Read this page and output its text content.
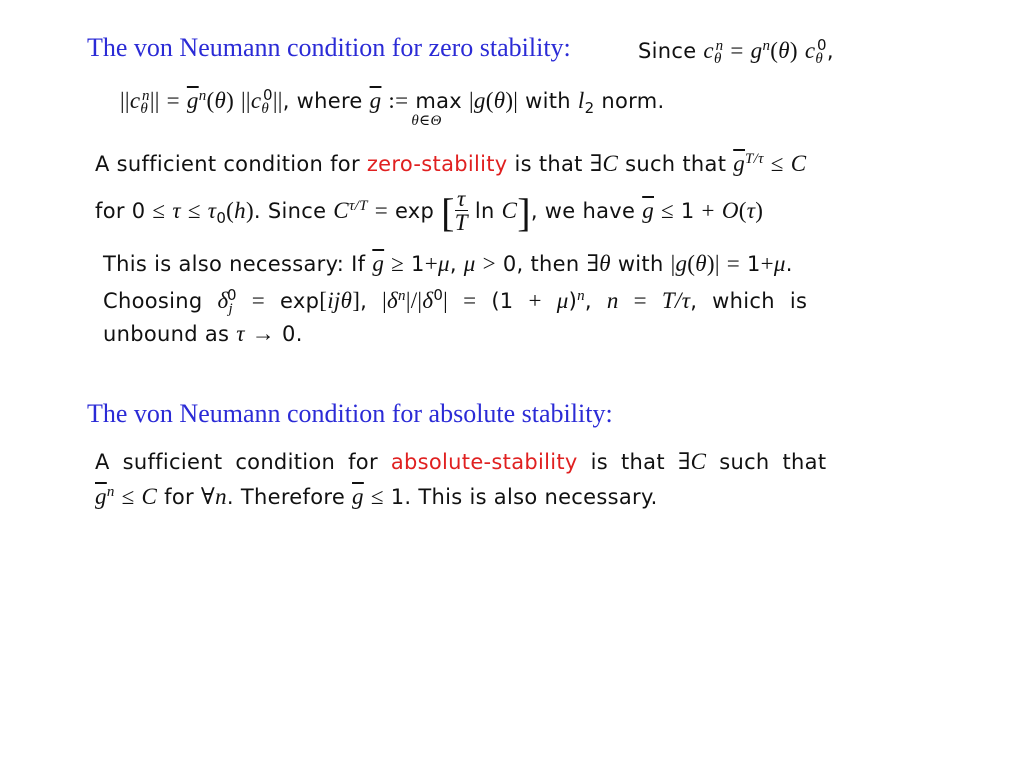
The von Neumann condition for zero stability:	Since $c_\theta^n = g^n(\theta)$ $c_\theta^0$,
$||c_\theta^n|| = \overline{g}^n(\theta)$ $||c_\theta^0||$, where $\overline{g}$ := max
θ∈Θ
|g(θ)| with $l_2$ norm.
A sufficient condition for zero-stability is that ∃C such that $\overline{g}^{T/\tau} \le C$
for $0 \le \tau \le \tau_0(h)$. Since $C^{\tau/T} = \exp$ [ $\frac{\tau}{T}$ ln C], we have $\overline{g} \le 1 + O(\tau)$
This is also necessary: If $\overline{g} \ge 1+\mu$, μ > 0, then ∃θ with |g(θ)| = 1+μ.
Choosing $\delta_j^0 = \exp[ij\theta]$, $|\delta^n|/|\delta^0| = (1 + \mu)^n$, n = T/τ, which is
unbound as τ → 0.
The von Neumann condition for absolute stability:
A sufficient condition for absolute-stability is that ∃C such that
$\overline{g}^n \le C$ for ∀n. Therefore $\overline{g} \le 1$. This is also necessary.
